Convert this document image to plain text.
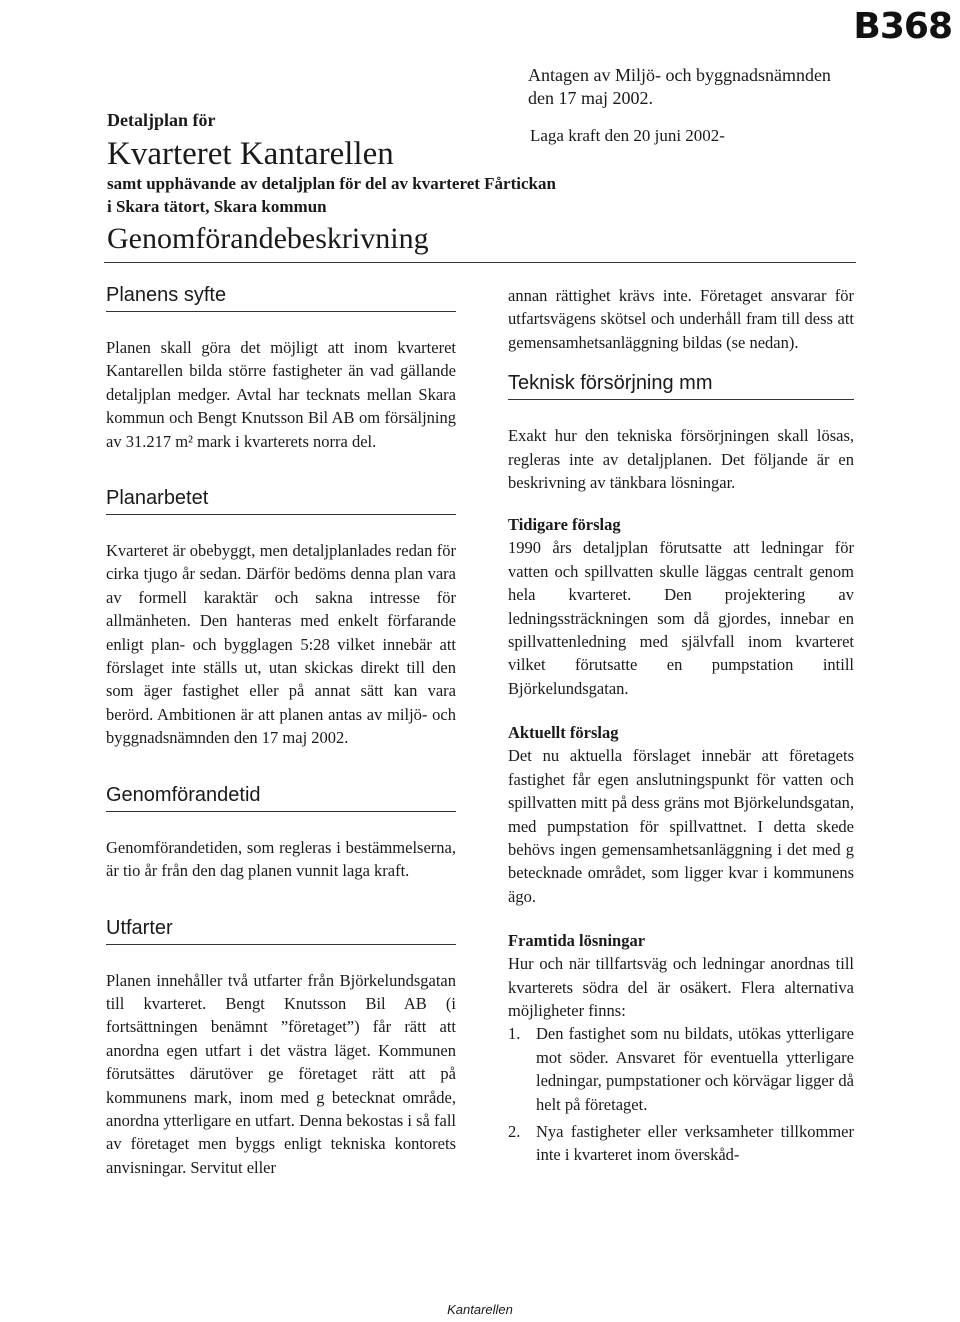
B368
Antagen av Miljö- och byggnadsnämnden
den 17 maj 2002.
Laga kraft den 20 juni 2002-
Detaljplan för
Kvarteret Kantarellen
samt upphävande av detaljplan för del av kvarteret Fårtickan
i Skara tätort, Skara kommun
Genomförandebeskrivning
Planens syfte

Planen skall göra det möjligt att inom kvarteret Kantarellen bilda större fastigheter än vad gällande detaljplan medger. Avtal har tecknats mellan Skara kommun och Bengt Knutsson Bil AB om försäljning av 31.217 m² mark i kvarterets norra del.

Planarbetet

Kvarteret är obebyggt, men detaljplanlades redan för cirka tjugo år sedan. Därför bedöms denna plan vara av formell karaktär och sakna intresse för allmänheten. Den hanteras med enkelt förfarande enligt plan- och bygglagen 5:28 vilket innebär att förslaget inte ställs ut, utan skickas direkt till den som äger fastighet eller på annat sätt kan vara berörd. Ambitionen är att planen antas av miljö- och byggnadsnämnden den 17 maj 2002.

Genomförandetid

Genomförandetiden, som regleras i bestämmelserna, är tio år från den dag planen vunnit laga kraft.

Utfarter

Planen innehåller två utfarter från Björkelundsgatan till kvarteret. Bengt Knutsson Bil AB (i fortsättningen benämnt ”företaget”) får rätt att anordna egen utfart i det västra läget. Kommunen förutsättes därutöver ge företaget rätt att på kommunens mark, inom med g betecknat område, anordna ytterligare en utfart. Denna bekostas i så fall av företaget men byggs enligt tekniska kontorets anvisningar. Servitut eller

annan rättighet krävs inte. Företaget ansvarar för utfartsvägens skötsel och underhåll fram till dess att gemensamhetsanläggning bildas (se nedan).

Teknisk försörjning mm

Exakt hur den tekniska försörjningen skall lösas, regleras inte av detaljplanen. Det följande är en beskrivning av tänkbara lösningar.

Tidigare förslag

1990 års detaljplan förutsatte att ledningar för vatten och spillvatten skulle läggas centralt genom hela kvarteret. Den projektering av ledningssträckningen som då gjordes, innebar en spillvattenledning med självfall inom kvarteret vilket förutsatte en pumpstation intill Björkelundsgatan.

Aktuellt förslag

Det nu aktuella förslaget innebär att företagets fastighet får egen anslutningspunkt för vatten och spillvatten mitt på dess gräns mot Björkelundsgatan, med pumpstation för spillvattnet. I detta skede behövs ingen gemensamhetsanläggning i det med g betecknade området, som ligger kvar i kommunens ägo.

Framtida lösningar

Hur och när tillfartsväg och ledningar anordnas till kvarterets södra del är osäkert. Flera alternativa möjligheter finns:

1. Den fastighet som nu bildats, utökas ytterligare mot söder. Ansvaret för eventuella ytterligare ledningar, pumpstationer och körvägar ligger då helt på företaget.
2. Nya fastigheter eller verksamheter tillkommer inte i kvarteret inom överskåd-
Kantarellen
